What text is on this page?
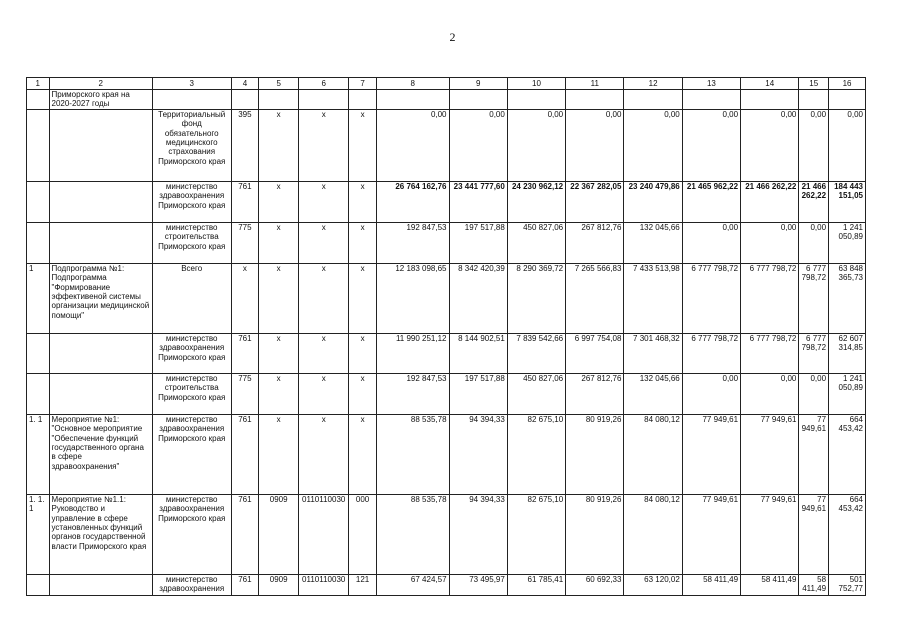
2
1	2	3	4	5	6	7	8	9	10	11	12	13	14	15	16
	Приморского края на 2020-2027 годы														
		Территориальный фонд обязательного медицинского страхования Приморского края	395	x	x	x	0,00	0,00	0,00	0,00	0,00	0,00	0,00	0,00	0,00
		министерство здравоохранения Приморского края	761	x	x	x	26 764 162,76	23 441 777,60	24 230 962,12	22 367 282,05	23 240 479,86	21 465 962,22	21 466 262,22	21 466 262,22	184 443 151,05
		министерство строительства Приморского края	775	x	x	x	192 847,53	197 517,88	450 827,06	267 812,76	132 045,66	0,00	0,00	0,00	1 241 050,89
1	Подпрограмма №1: Подпрограмма "Формирование эффективеной системы организации медицинской помощи"	Всего	x	x	x	x	12 183 098,65	8 342 420,39	8 290 369,72	7 265 566,83	7 433 513,98	6 777 798,72	6 777 798,72	6 777 798,72	63 848 365,73
		министерство здравоохранения Приморского края	761	x	x	x	11 990 251,12	8 144 902,51	7 839 542,66	6 997 754,08	7 301 468,32	6 777 798,72	6 777 798,72	6 777 798,72	62 607 314,85
		министерство строительства Приморского края	775	x	x	x	192 847,53	197 517,88	450 827,06	267 812,76	132 045,66	0,00	0,00	0,00	1 241 050,89
1. 1	Мероприятие №1: "Основное мероприятие "Обеспечение функций государственного органа в сфере здравоохранения"	министерство здравоохранения Приморского края	761	x	x	x	88 535,78	94 394,33	82 675,10	80 919,26	84 080,12	77 949,61	77 949,61	77 949,61	664 453,42
1. 1. 1	Мероприятие №1.1: Руководство и управление в сфере установленных функций органов государственной власти Приморского края	министерство здравоохранения Приморского края	761	0909	0110110030	000	88 535,78	94 394,33	82 675,10	80 919,26	84 080,12	77 949,61	77 949,61	77 949,61	664 453,42
		министерство здравоохранения	761	0909	0110110030	121	67 424,57	73 495,97	61 785,41	60 692,33	63 120,02	58 411,49	58 411,49	58 411,49	501 752,77
